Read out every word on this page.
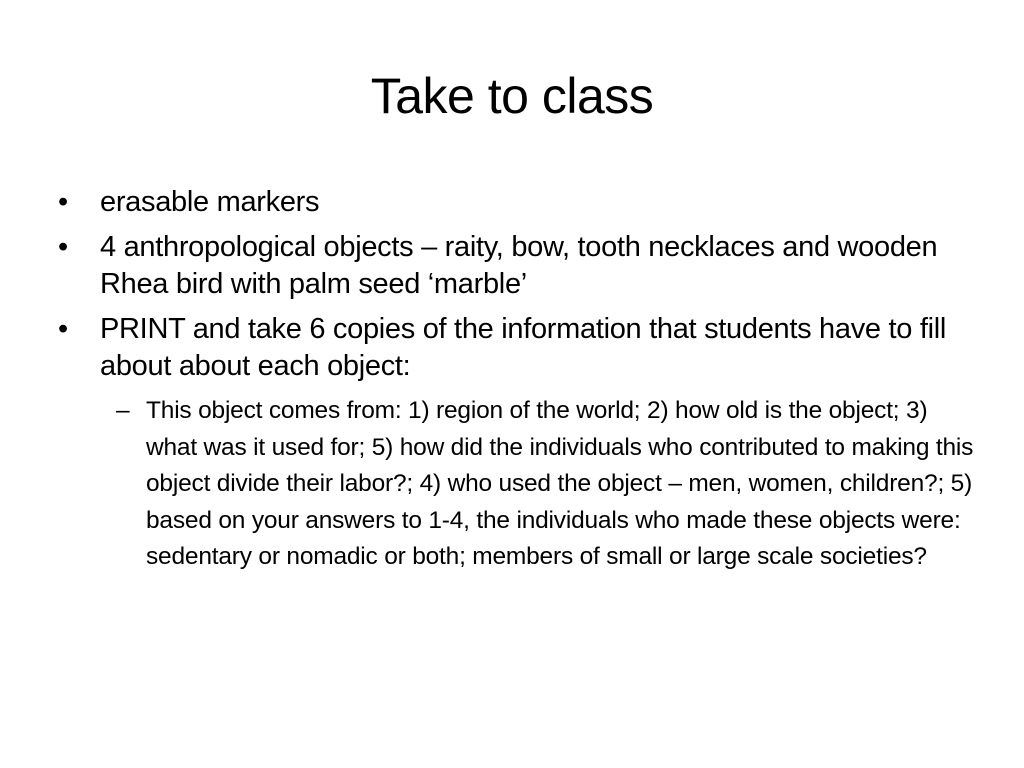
Take to class
• erasable markers
• 4 anthropological objects – raity, bow, tooth necklaces and wooden Rhea bird with palm seed ‘marble’
• PRINT and take 6 copies of the information that students have to fill about about each object:
– This object comes from: 1) region of the world; 2) how old is the object; 3) what was it used for; 5) how did the individuals who contributed to making this object divide their labor?; 4) who used the object – men, women, children?; 5) based on your answers to 1-4, the individuals who made these objects were: sedentary or nomadic or both; members of small or large scale societies?
